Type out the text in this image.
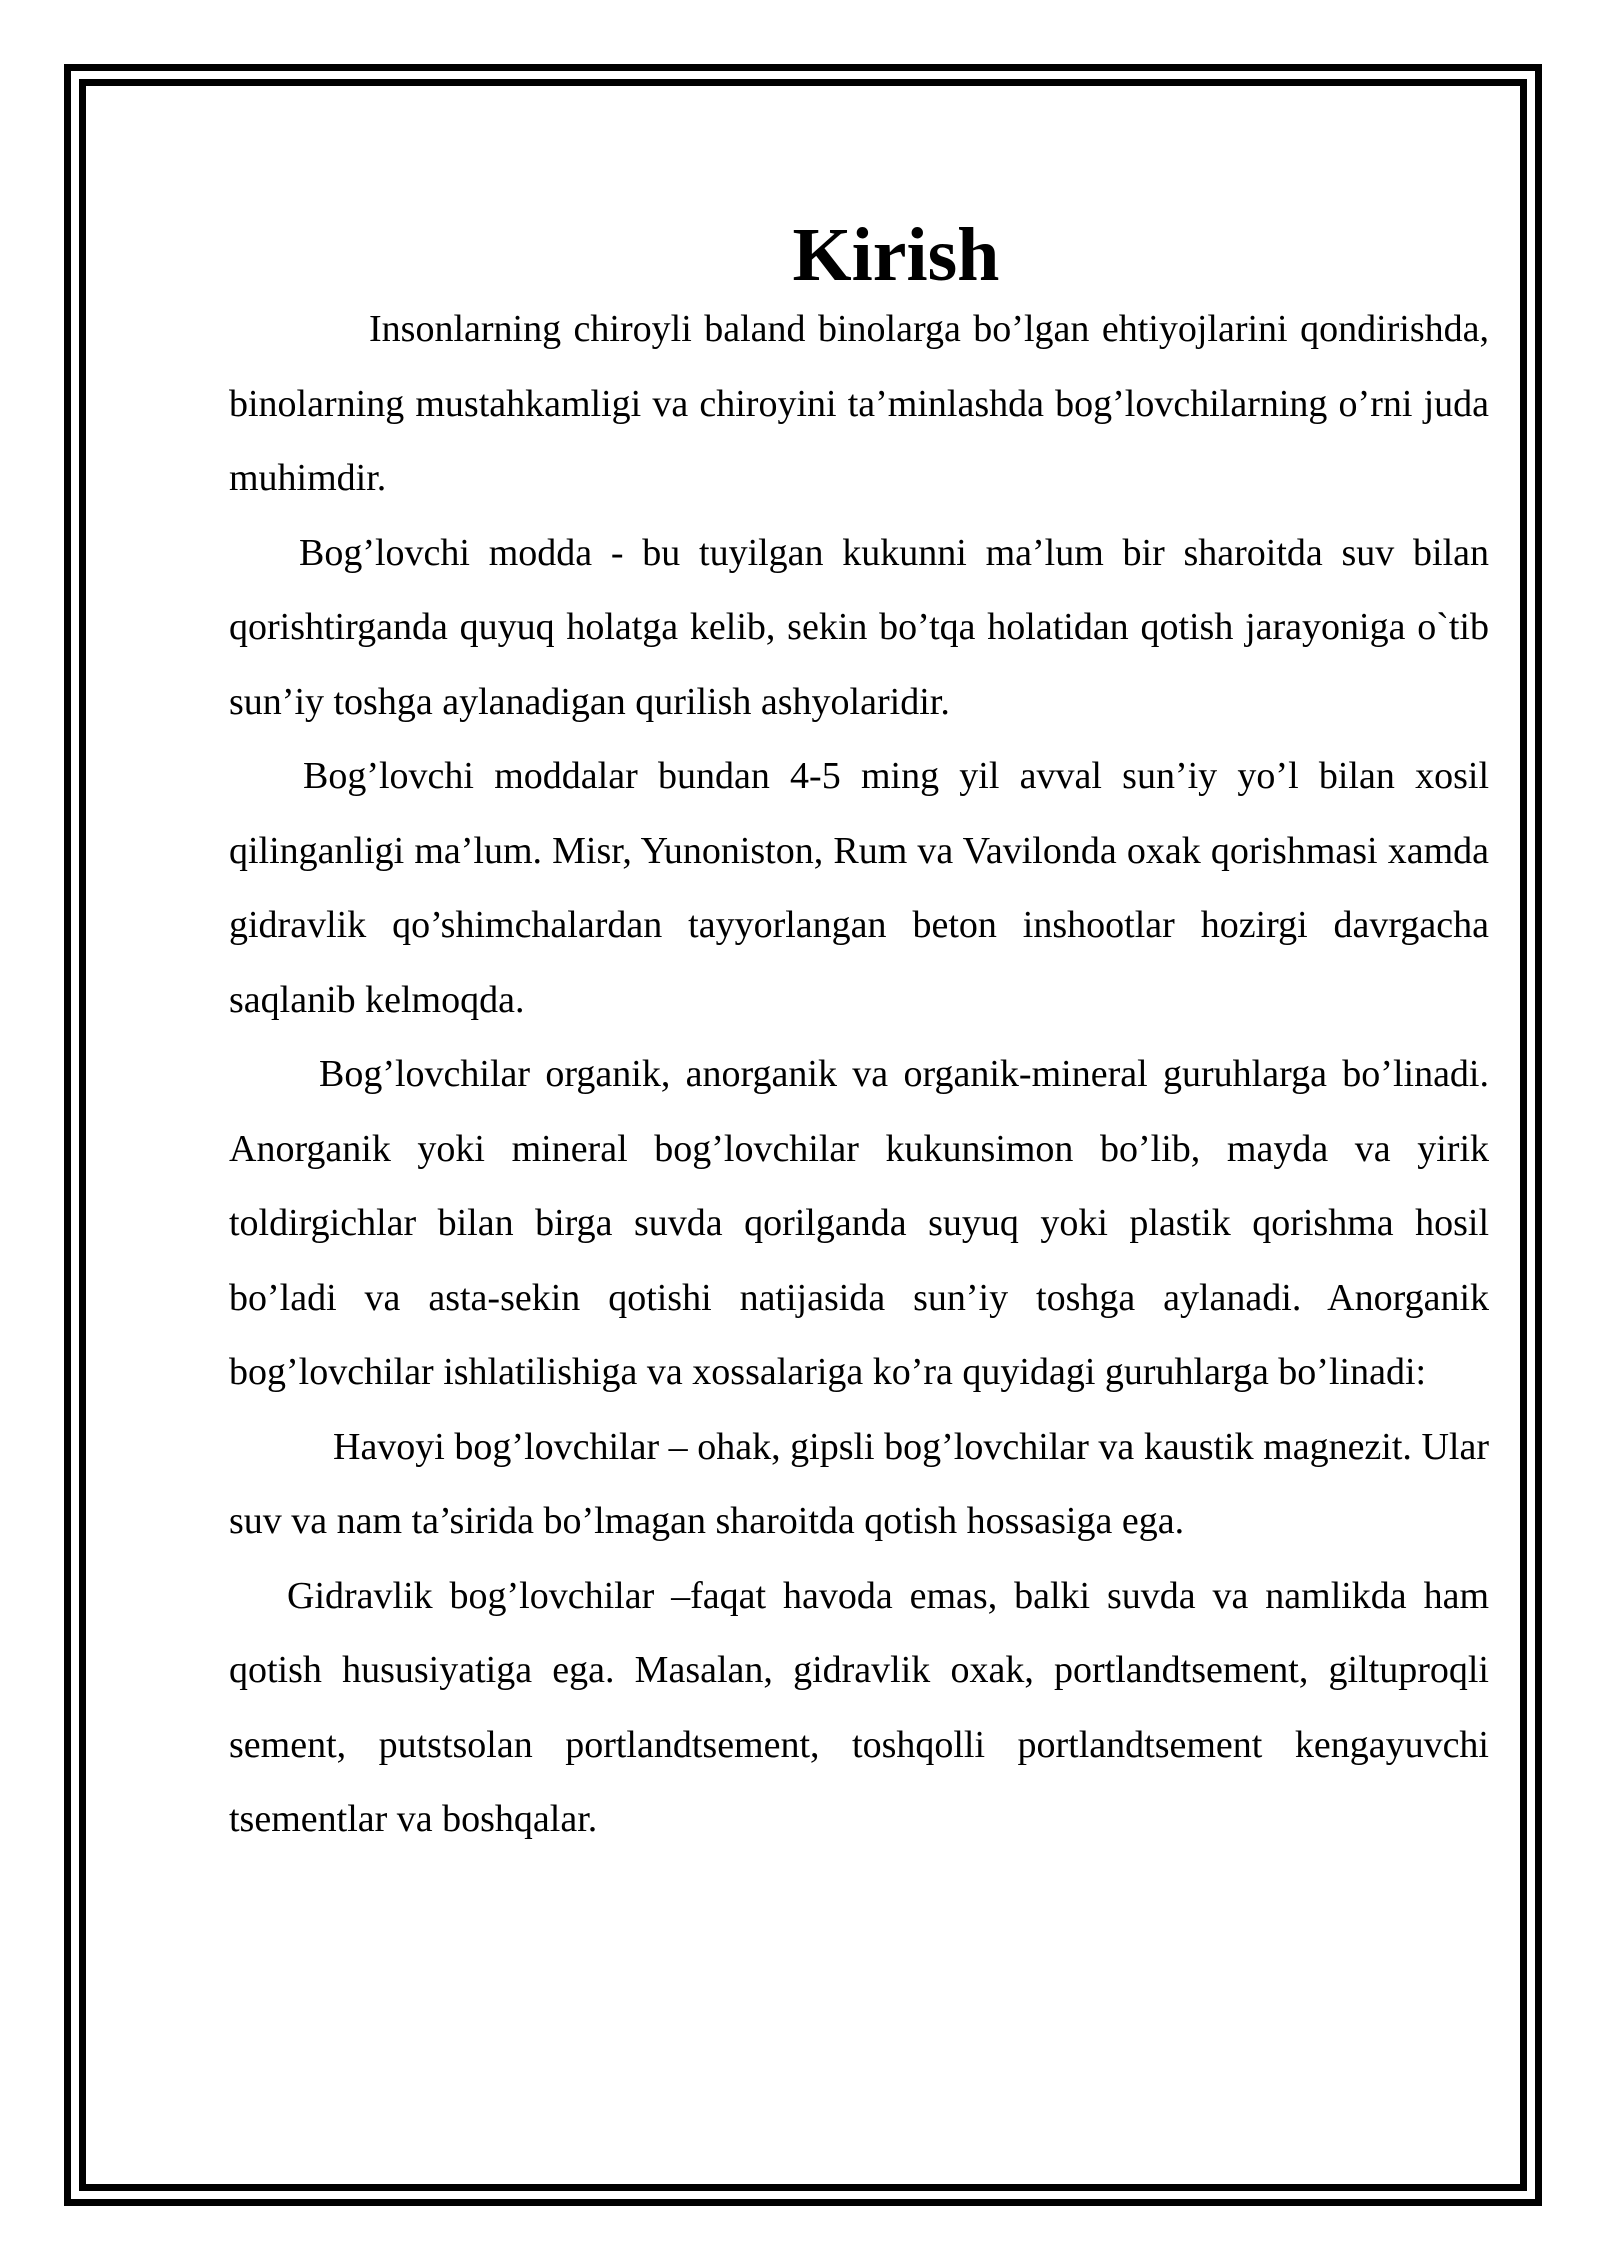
Kirish

Insonlarning chiroyli baland binolarga bo’lgan ehtiyojlarini qondirishda, binolarning mustahkamligi va chiroyini ta’minlashda bog’lovchilarning o’rni juda muhimdir.

Bog’lovchi modda - bu tuyilgan kukunni ma’lum bir sharoitda suv bilan qorishtirganda quyuq holatga kelib, sekin bo’tqa holatidan qotish jarayoniga o`tib sun’iy toshga aylanadigan qurilish ashyolaridir.

Bog’lovchi moddalar bundan 4-5 ming yil avval sun’iy yo’l bilan xosil qilinganligi ma’lum. Misr, Yunoniston, Rum va Vavilonda oxak qorishmasi xamda gidravlik qo’shimchalardan tayyorlangan beton inshootlar hozirgi davrgacha saqlanib kelmoqda.

Bog’lovchilar organik, anorganik va organik-mineral guruhlarga bo’linadi. Anorganik yoki mineral bog’lovchilar kukunsimon bo’lib, mayda va yirik toldirgichlar bilan birga suvda qorilganda suyuq yoki plastik qorishma hosil bo’ladi va asta-sekin qotishi natijasida sun’iy toshga aylanadi. Anorganik bog’lovchilar ishlatilishiga va xossalariga ko’ra quyidagi guruhlarga bo’linadi:

Havoyi bog’lovchilar – ohak, gipsli bog’lovchilar va kaustik magnezit. Ular suv va nam ta’sirida bo’lmagan sharoitda qotish hossasiga ega.

Gidravlik bog’lovchilar –faqat havoda emas, balki suvda va namlikda ham qotish hususiyatiga ega. Masalan, gidravlik oxak, portlandtsement, giltuproqli sement, putstsolan portlandtsement, toshqolli portlandtsement kengayuvchi tsementlar va boshqalar.
